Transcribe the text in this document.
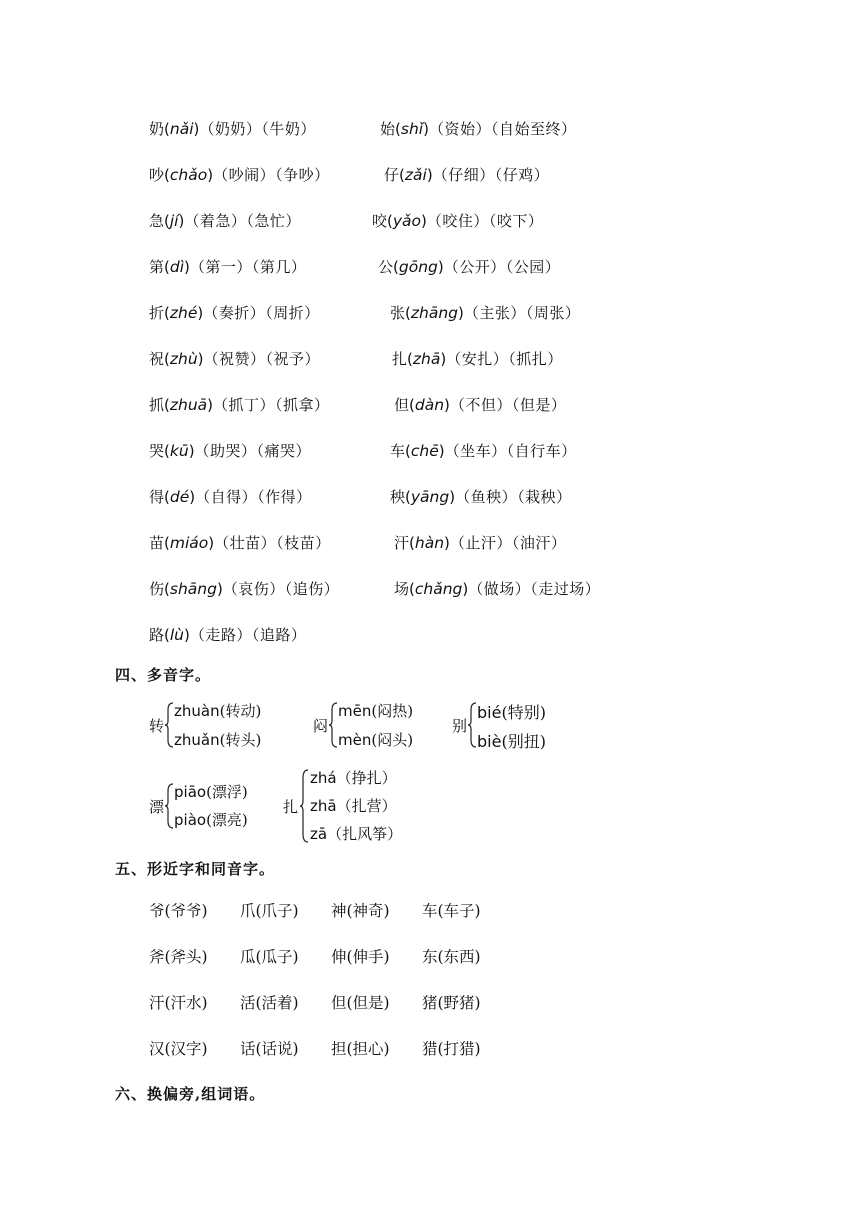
奶(nǎi)（奶奶）（牛奶）	始(shǐ)（资始）（自始至终）
吵(chǎo)（吵闹）（争吵）	仔(zǎi)（仔细）（仔鸡）
急(jí)（着急）（急忙）	咬(yǎo)（咬住）（咬下）
第(dì)（第一）（第几）	公(gōng)（公开）（公园）
折(zhé)（奏折）（周折）	张(zhāng)（主张）（周张）
祝(zhù)（祝赞）（祝予）	扎(zhā)（安扎）（抓扎）
抓(zhuā)（抓丁）（抓拿）	但(dàn)（不但）（但是）
哭(kū)（助哭）（痛哭）	车(chē)（坐车）（自行车）
得(dé)（自得）（作得）	秧(yāng)（鱼秧）（栽秧）
苗(miáo)（壮苗）（枝苗）	汗(hàn)（止汗）（油汗）
伤(shāng)（哀伤）（追伤）	场(chǎng)（做场）（走过场）
路(lù)（走路）（追路）
四、多音字。
转
zhuàn(转动)
zhuǎn(转头)
闷
mēn(闷热)
mèn(闷头)
别
bié(特别)
biè(别扭)
漂
piāo(漂浮)
piào(漂亮)
扎
zhá（挣扎）
zhā（扎营）
zā（扎风筝）
五、形近字和同音字。
爷(爷爷) 爪(爪子) 神(神奇) 车(车子)
斧(斧头) 瓜(瓜子) 伸(伸手) 东(东西)
汗(汗水) 活(活着) 但(但是) 猪(野猪)
汉(汉字) 话(话说) 担(担心) 猎(打猎)
六、换偏旁,组词语。
